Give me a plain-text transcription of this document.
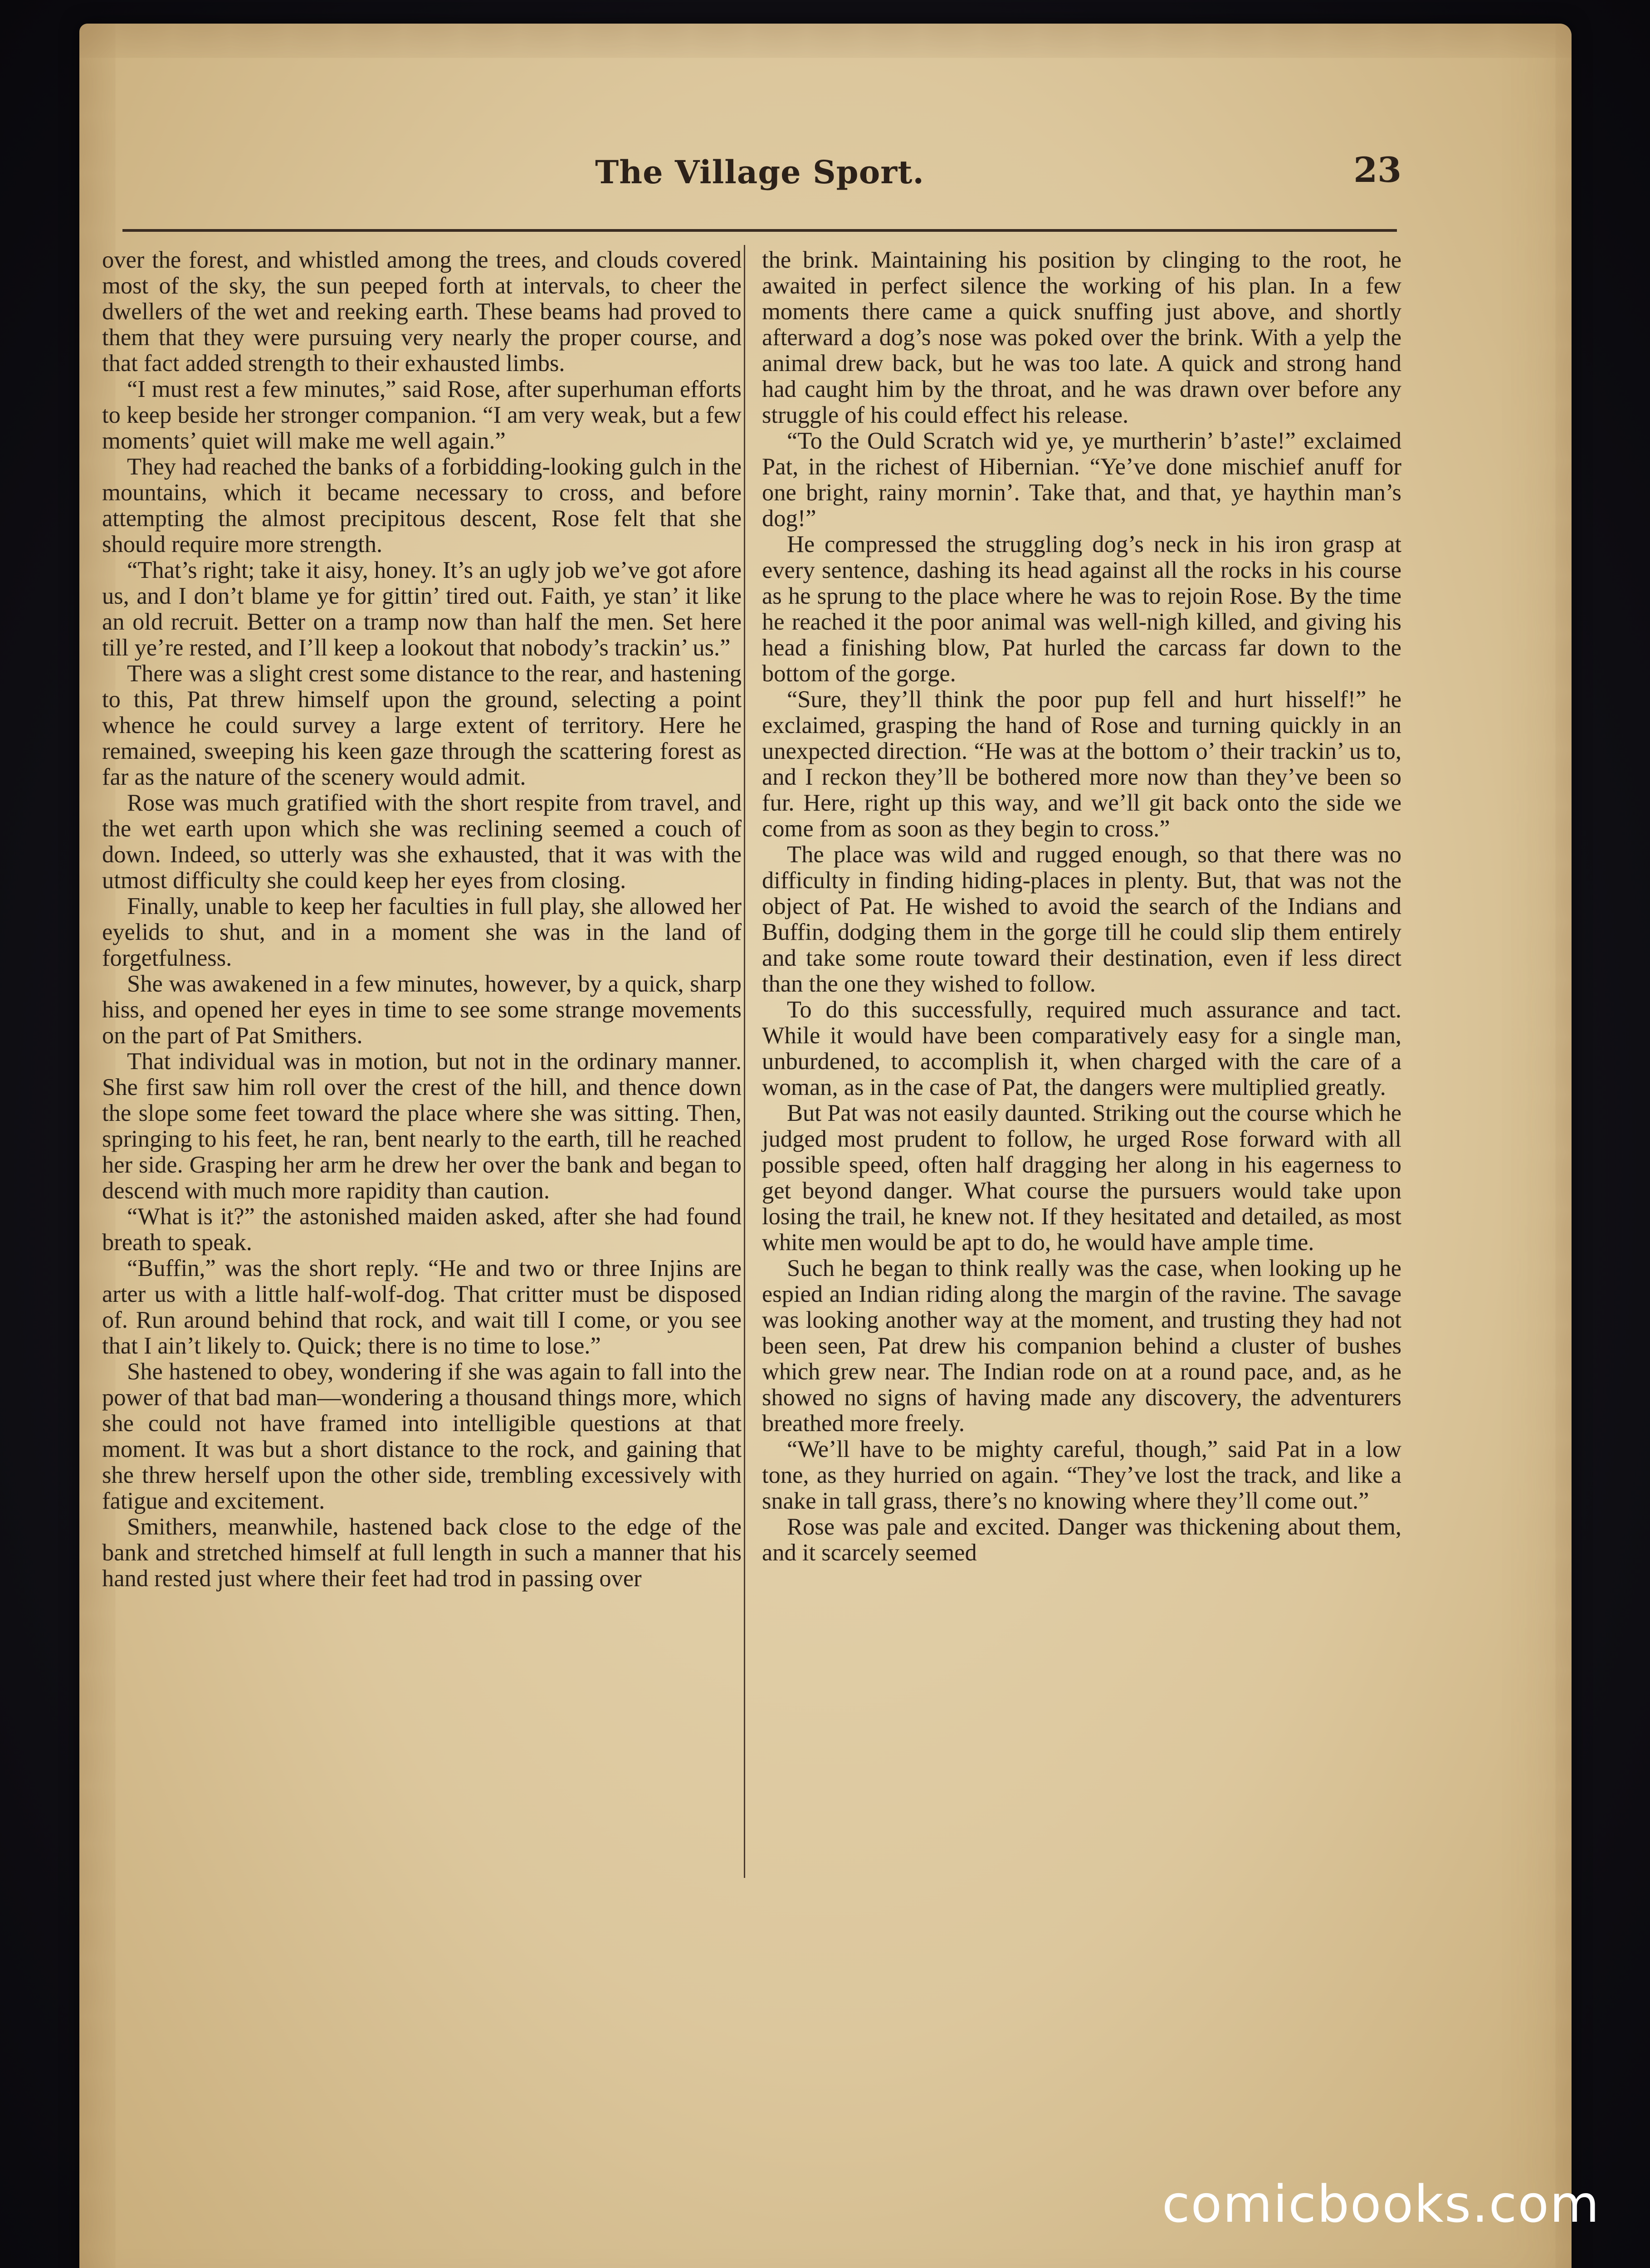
The Village Sport.	23

over the forest, and whistled among the trees, and clouds covered most of the sky, the sun peeped forth at intervals, to cheer the dwellers of the wet and reeking earth. These beams had proved to them that they were pursuing very nearly the proper course, and that fact added strength to their exhausted limbs.

“I must rest a few minutes,” said Rose, after superhuman efforts to keep beside her stronger companion. “I am very weak, but a few moments’ quiet will make me well again.”

They had reached the banks of a forbidding-looking gulch in the mountains, which it became necessary to cross, and before attempting the almost precipitous descent, Rose felt that she should require more strength.

“That’s right; take it aisy, honey. It’s an ugly job we’ve got afore us, and I don’t blame ye for gittin’ tired out. Faith, ye stan’ it like an old recruit. Better on a tramp now than half the men. Set here till ye’re rested, and I’ll keep a lookout that nobody’s trackin’ us.”

There was a slight crest some distance to the rear, and hastening to this, Pat threw himself upon the ground, selecting a point whence he could survey a large extent of territory. Here he remained, sweeping his keen gaze through the scattering forest as far as the nature of the scenery would admit.

Rose was much gratified with the short respite from travel, and the wet earth upon which she was reclining seemed a couch of down. Indeed, so utterly was she exhausted, that it was with the utmost difficulty she could keep her eyes from closing.

Finally, unable to keep her faculties in full play, she allowed her eyelids to shut, and in a moment she was in the land of forgetfulness.

She was awakened in a few minutes, however, by a quick, sharp hiss, and opened her eyes in time to see some strange movements on the part of Pat Smithers.

That individual was in motion, but not in the ordinary manner. She first saw him roll over the crest of the hill, and thence down the slope some feet toward the place where she was sitting. Then, springing to his feet, he ran, bent nearly to the earth, till he reached her side. Grasping her arm he drew her over the bank and began to descend with much more rapidity than caution.

“What is it?” the astonished maiden asked, after she had found breath to speak.

“Buffin,” was the short reply. “He and two or three Injins are arter us with a little half-wolf-dog. That critter must be disposed of. Run around behind that rock, and wait till I come, or you see that I ain’t likely to. Quick; there is no time to lose.”

She hastened to obey, wondering if she was again to fall into the power of that bad man—wondering a thousand things more, which she could not have framed into intelligible questions at that moment. It was but a short distance to the rock, and gaining that she threw herself upon the other side, trembling excessively with fatigue and excitement.

Smithers, meanwhile, hastened back close to the edge of the bank and stretched himself at full length in such a manner that his hand rested just where their feet had trod in passing over

the brink. Maintaining his position by clinging to the root, he awaited in perfect silence the working of his plan. In a few moments there came a quick snuffing just above, and shortly afterward a dog’s nose was poked over the brink. With a yelp the animal drew back, but he was too late. A quick and strong hand had caught him by the throat, and he was drawn over before any struggle of his could effect his release.

“To the Ould Scratch wid ye, ye murtherin’ b’aste!” exclaimed Pat, in the richest of Hibernian. “Ye’ve done mischief anuff for one bright, rainy mornin’. Take that, and that, ye haythin man’s dog!”

He compressed the struggling dog’s neck in his iron grasp at every sentence, dashing its head against all the rocks in his course as he sprung to the place where he was to rejoin Rose. By the time he reached it the poor animal was well-nigh killed, and giving his head a finishing blow, Pat hurled the carcass far down to the bottom of the gorge.

“Sure, they’ll think the poor pup fell and hurt hisself!” he exclaimed, grasping the hand of Rose and turning quickly in an unexpected direction. “He was at the bottom o’ their trackin’ us to, and I reckon they’ll be bothered more now than they’ve been so fur. Here, right up this way, and we’ll git back onto the side we come from as soon as they begin to cross.”

The place was wild and rugged enough, so that there was no difficulty in finding hiding-places in plenty. But, that was not the object of Pat. He wished to avoid the search of the Indians and Buffin, dodging them in the gorge till he could slip them entirely and take some route toward their destination, even if less direct than the one they wished to follow.

To do this successfully, required much assurance and tact. While it would have been comparatively easy for a single man, unburdened, to accomplish it, when charged with the care of a woman, as in the case of Pat, the dangers were multiplied greatly.

But Pat was not easily daunted. Striking out the course which he judged most prudent to follow, he urged Rose forward with all possible speed, often half dragging her along in his eagerness to get beyond danger. What course the pursuers would take upon losing the trail, he knew not. If they hesitated and detailed, as most white men would be apt to do, he would have ample time.

Such he began to think really was the case, when looking up he espied an Indian riding along the margin of the ravine. The savage was looking another way at the moment, and trusting they had not been seen, Pat drew his companion behind a cluster of bushes which grew near. The Indian rode on at a round pace, and, as he showed no signs of having made any discovery, the adventurers breathed more freely.

“We’ll have to be mighty careful, though,” said Pat in a low tone, as they hurried on again. “They’ve lost the track, and like a snake in tall grass, there’s no knowing where they’ll come out.”

Rose was pale and excited. Danger was thickening about them, and it scarcely seemed

comicbooks.com
